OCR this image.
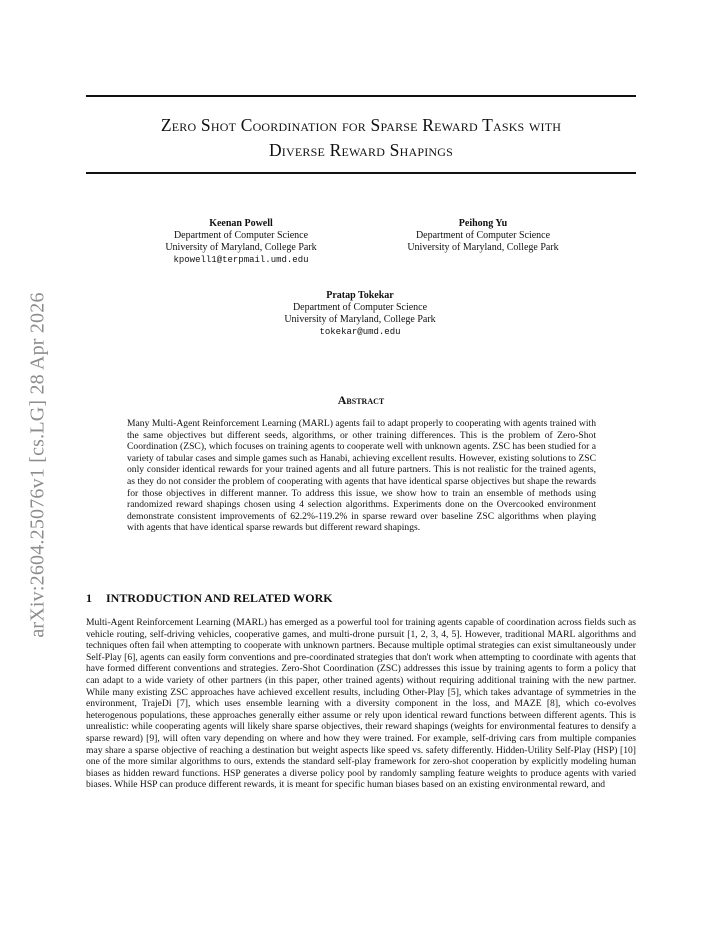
arXiv:2604.25076v1 [cs.LG] 28 Apr 2026
Zero Shot Coordination for Sparse Reward Tasks with
Diverse Reward Shapings
Keenan Powell
Department of Computer Science
University of Maryland, College Park
kpowell1@terpmail.umd.edu
Peihong Yu
Department of Computer Science
University of Maryland, College Park
Pratap Tokekar
Department of Computer Science
University of Maryland, College Park
tokekar@umd.edu
Abstract
Many Multi-Agent Reinforcement Learning (MARL) agents fail to adapt properly to cooperating with agents trained with the same objectives but different seeds, algorithms, or other training differences. This is the problem of Zero-Shot Coordination (ZSC), which focuses on training agents to cooperate well with unknown agents. ZSC has been studied for a variety of tabular cases and simple games such as Hanabi, achieving excellent results. However, existing solutions to ZSC only consider identical rewards for your trained agents and all future partners. This is not realistic for the trained agents, as they do not consider the problem of cooperating with agents that have identical sparse objectives but shape the rewards for those objectives in different manner. To address this issue, we show how to train an ensemble of methods using randomized reward shapings chosen using 4 selection algorithms. Experiments done on the Overcooked environment demonstrate consistent improvements of 62.2%-119.2% in sparse reward over baseline ZSC algorithms when playing with agents that have identical sparse rewards but different reward shapings.
1 INTRODUCTION AND RELATED WORK
Multi-Agent Reinforcement Learning (MARL) has emerged as a powerful tool for training agents capable of coordination across fields such as vehicle routing, self-driving vehicles, cooperative games, and multi-drone pursuit [1, 2, 3, 4, 5]. However, traditional MARL algorithms and techniques often fail when attempting to cooperate with unknown partners. Because multiple optimal strategies can exist simultaneously under Self-Play [6], agents can easily form conventions and pre-coordinated strategies that don't work when attempting to coordinate with agents that have formed different conventions and strategies. Zero-Shot Coordination (ZSC) addresses this issue by training agents to form a policy that can adapt to a wide variety of other partners (in this paper, other trained agents) without requiring additional training with the new partner. While many existing ZSC approaches have achieved excellent results, including Other-Play [5], which takes advantage of symmetries in the environment, TrajeDi [7], which uses ensemble learning with a diversity component in the loss, and MAZE [8], which co-evolves heterogenous populations, these approaches generally either assume or rely upon identical reward functions between different agents. This is unrealistic: while cooperating agents will likely share sparse objectives, their reward shapings (weights for environmental features to densify a sparse reward) [9], will often vary depending on where and how they were trained. For example, self-driving cars from multiple companies may share a sparse objective of reaching a destination but weight aspects like speed vs. safety differently. Hidden-Utility Self-Play (HSP) [10] one of the more similar algorithms to ours, extends the standard self-play framework for zero-shot cooperation by explicitly modeling human biases as hidden reward functions. HSP generates a diverse policy pool by randomly sampling feature weights to produce agents with varied biases. While HSP can produce different rewards, it is meant for specific human biases based on an existing environmental reward, and
